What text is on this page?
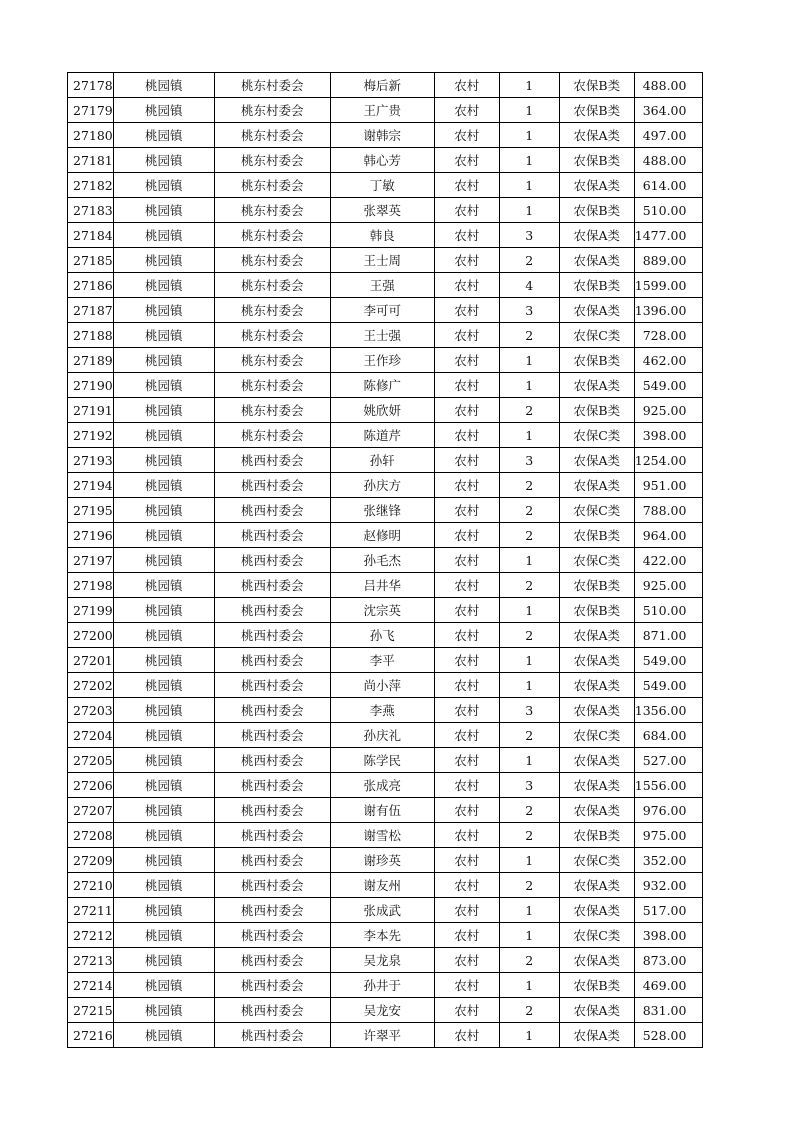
27178	桃园镇	桃东村委会	梅后新	农村	1	农保B类	488.00
27179	桃园镇	桃东村委会	王广贵	农村	1	农保B类	364.00
27180	桃园镇	桃东村委会	谢韩宗	农村	1	农保A类	497.00
27181	桃园镇	桃东村委会	韩心芳	农村	1	农保B类	488.00
27182	桃园镇	桃东村委会	丁敏	农村	1	农保A类	614.00
27183	桃园镇	桃东村委会	张翠英	农村	1	农保B类	510.00
27184	桃园镇	桃东村委会	韩良	农村	3	农保A类	1477.00
27185	桃园镇	桃东村委会	王士周	农村	2	农保A类	889.00
27186	桃园镇	桃东村委会	王强	农村	4	农保B类	1599.00
27187	桃园镇	桃东村委会	李可可	农村	3	农保A类	1396.00
27188	桃园镇	桃东村委会	王士强	农村	2	农保C类	728.00
27189	桃园镇	桃东村委会	王作珍	农村	1	农保B类	462.00
27190	桃园镇	桃东村委会	陈修广	农村	1	农保A类	549.00
27191	桃园镇	桃东村委会	姚欣妍	农村	2	农保B类	925.00
27192	桃园镇	桃东村委会	陈道芹	农村	1	农保C类	398.00
27193	桃园镇	桃西村委会	孙轩	农村	3	农保A类	1254.00
27194	桃园镇	桃西村委会	孙庆方	农村	2	农保A类	951.00
27195	桃园镇	桃西村委会	张继锋	农村	2	农保C类	788.00
27196	桃园镇	桃西村委会	赵修明	农村	2	农保B类	964.00
27197	桃园镇	桃西村委会	孙毛杰	农村	1	农保C类	422.00
27198	桃园镇	桃西村委会	吕井华	农村	2	农保B类	925.00
27199	桃园镇	桃西村委会	沈宗英	农村	1	农保B类	510.00
27200	桃园镇	桃西村委会	孙飞	农村	2	农保A类	871.00
27201	桃园镇	桃西村委会	李平	农村	1	农保A类	549.00
27202	桃园镇	桃西村委会	尚小萍	农村	1	农保A类	549.00
27203	桃园镇	桃西村委会	李燕	农村	3	农保A类	1356.00
27204	桃园镇	桃西村委会	孙庆礼	农村	2	农保C类	684.00
27205	桃园镇	桃西村委会	陈学民	农村	1	农保A类	527.00
27206	桃园镇	桃西村委会	张成亮	农村	3	农保A类	1556.00
27207	桃园镇	桃西村委会	谢有伍	农村	2	农保A类	976.00
27208	桃园镇	桃西村委会	谢雪松	农村	2	农保B类	975.00
27209	桃园镇	桃西村委会	谢珍英	农村	1	农保C类	352.00
27210	桃园镇	桃西村委会	谢友州	农村	2	农保A类	932.00
27211	桃园镇	桃西村委会	张成武	农村	1	农保A类	517.00
27212	桃园镇	桃西村委会	李本先	农村	1	农保C类	398.00
27213	桃园镇	桃西村委会	吴龙泉	农村	2	农保A类	873.00
27214	桃园镇	桃西村委会	孙井于	农村	1	农保B类	469.00
27215	桃园镇	桃西村委会	吴龙安	农村	2	农保A类	831.00
27216	桃园镇	桃西村委会	许翠平	农村	1	农保A类	528.00
